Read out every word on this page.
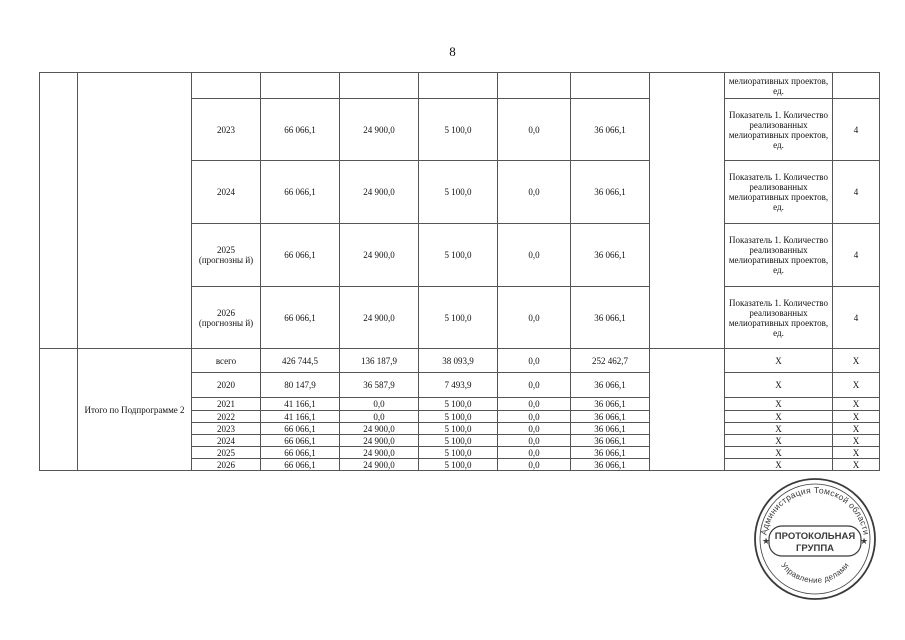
8
									мелиоративных проектов, ед.	
		2023	66 066,1	24 900,0	5 100,0	0,0	36 066,1		Показатель 1. Количество реализованных мелиоративных проектов, ед.	4
		2024	66 066,1	24 900,0	5 100,0	0,0	36 066,1		Показатель 1. Количество реализованных мелиоративных проектов, ед.	4
		2025 (прогнозны й)	66 066,1	24 900,0	5 100,0	0,0	36 066,1		Показатель 1. Количество реализованных мелиоративных проектов, ед.	4
		2026 (прогнозны й)	66 066,1	24 900,0	5 100,0	0,0	36 066,1		Показатель 1. Количество реализованных мелиоративных проектов, ед.	4
	Итого по Подпрограмме 2	всего	426 744,5	136 187,9	38 093,9	0,0	252 462,7		Х	Х
		2020	80 147,9	36 587,9	7 493,9	0,0	36 066,1		Х	Х
		2021	41 166,1	0,0	5 100,0	0,0	36 066,1		Х	Х
		2022	41 166,1	0,0	5 100,0	0,0	36 066,1		Х	Х
		2023	66 066,1	24 900,0	5 100,0	0,0	36 066,1		Х	Х
		2024	66 066,1	24 900,0	5 100,0	0,0	36 066,1		Х	Х
		2025	66 066,1	24 900,0	5 100,0	0,0	36 066,1		Х	Х
		2026	66 066,1	24 900,0	5 100,0	0,0	36 066,1		Х	Х
Администрация Томской области
Управление делами
ПРОТОКОЛЬНАЯ
ГРУППА
★	★
